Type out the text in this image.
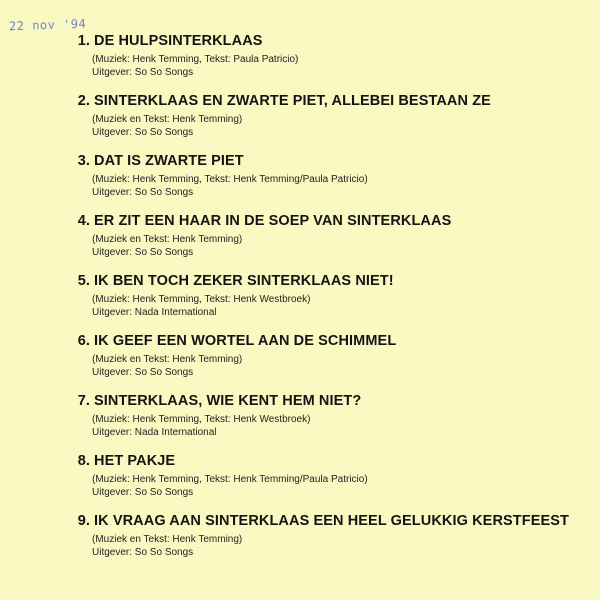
22 nov '94
1. DE HULPSINTERKLAAS
(Muziek: Henk Temming, Tekst: Paula Patricio)
Uitgever: So So Songs
2. SINTERKLAAS EN ZWARTE PIET, ALLEBEI BESTAAN ZE
(Muziek en Tekst: Henk Temming)
Uitgever: So So Songs
3. DAT IS ZWARTE PIET
(Muziek: Henk Temming, Tekst: Henk Temming/Paula Patricio)
Uitgever: So So Songs
4. ER ZIT EEN HAAR IN DE SOEP VAN SINTERKLAAS
(Muziek en Tekst: Henk Temming)
Uitgever: So So Songs
5. IK BEN TOCH ZEKER SINTERKLAAS NIET!
(Muziek: Henk Temming, Tekst: Henk Westbroek)
Uitgever: Nada International
6. IK GEEF EEN WORTEL AAN DE SCHIMMEL
(Muziek en Tekst: Henk Temming)
Uitgever: So So Songs
7. SINTERKLAAS, WIE KENT HEM NIET?
(Muziek: Henk Temming, Tekst: Henk Westbroek)
Uitgever: Nada International
8. HET PAKJE
(Muziek: Henk Temming, Tekst: Henk Temming/Paula Patricio)
Uitgever: So So Songs
9. IK VRAAG AAN SINTERKLAAS EEN HEEL GELUKKIG KERSTFEEST
(Muziek en Tekst: Henk Temming)
Uitgever: So So Songs
